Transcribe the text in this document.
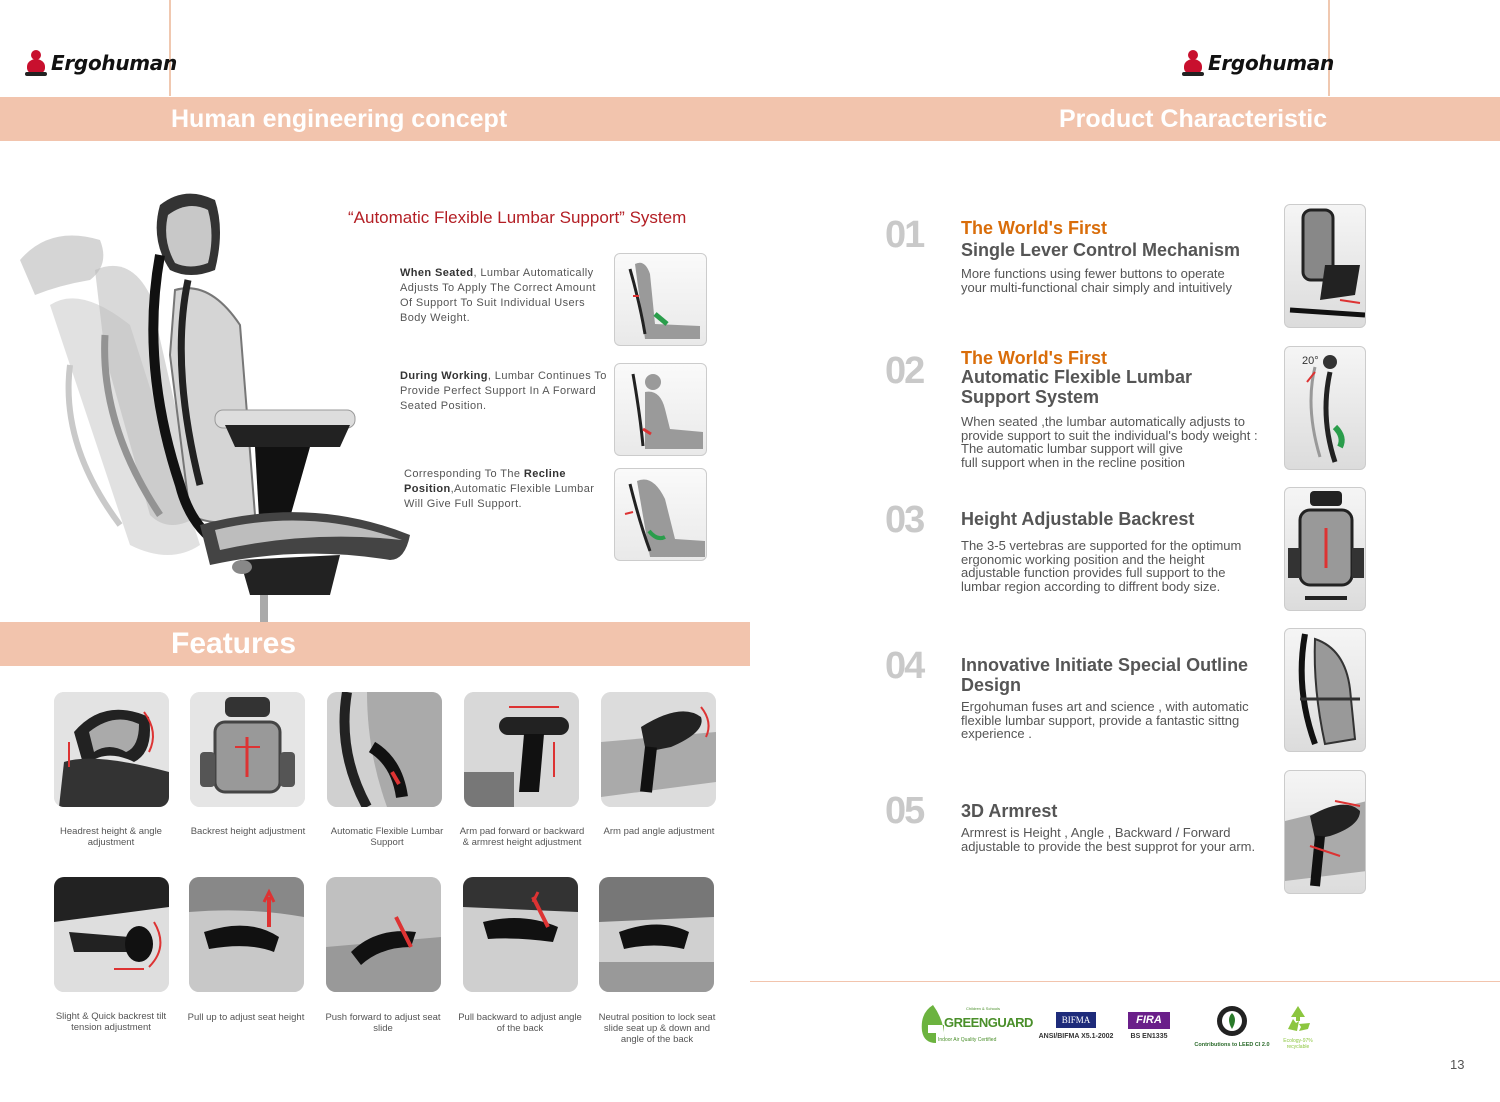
Ergohuman	Ergohuman
Human engineering concept	Product Characteristic
“Automatic Flexible Lumbar Support” System
When Seated, Lumbar Automatically Adjusts To Apply The Correct Amount Of Support To Suit Individual Users Body Weight.
During Working, Lumbar Continues To Provide Perfect Support In A Forward Seated Position.
Corresponding To The Recline Position,Automatic Flexible Lumbar Will Give Full Support.
Features
Headrest height & angle adjustment
Backrest height adjustment	Automatic Flexible Lumbar Support
Arm pad forward or backward & armrest height adjustment
Arm pad angle adjustment
Slight & Quick backrest tilt tension adjustment
Pull up to adjust seat height	Push forward to adjust seat slide
Pull backward to adjust angle of the back
Neutral position to lock seat slide seat up & down and angle of the back
01 The World's First
Single Lever Control Mechanism
More functions using fewer buttons to operate
your multi-functional chair simply and intuitively
02 The World's First
Automatic Flexible Lumbar
Support System
When seated ,the lumbar automatically adjusts to provide support to suit the individual's body weight : The automatic lumbar support will give
full support when in the recline position
20°
03 Height Adjustable Backrest
The 3-5 vertebras are supported for the optimum ergonomic working position and the height adjustable function provides full support to the lumbar region according to diffrent body size.
04 Innovative Initiate Special Outline
Design
Ergohuman fuses art and science , with automatic flexible lumbar support, provide a fantastic sittng experience .
05 3D Armrest
Armrest is Height , Angle , Backward / Forward adjustable to provide the best supprot for your arm.
GREENGUARD
Children & Schools
Indoor Air Quality Certified
BIFMA
ANSI/BIFMA X5.1-2002
FIRA
BS EN1335
Contributions to LEED CI 2.0
Ecology-97% recyclable
13
